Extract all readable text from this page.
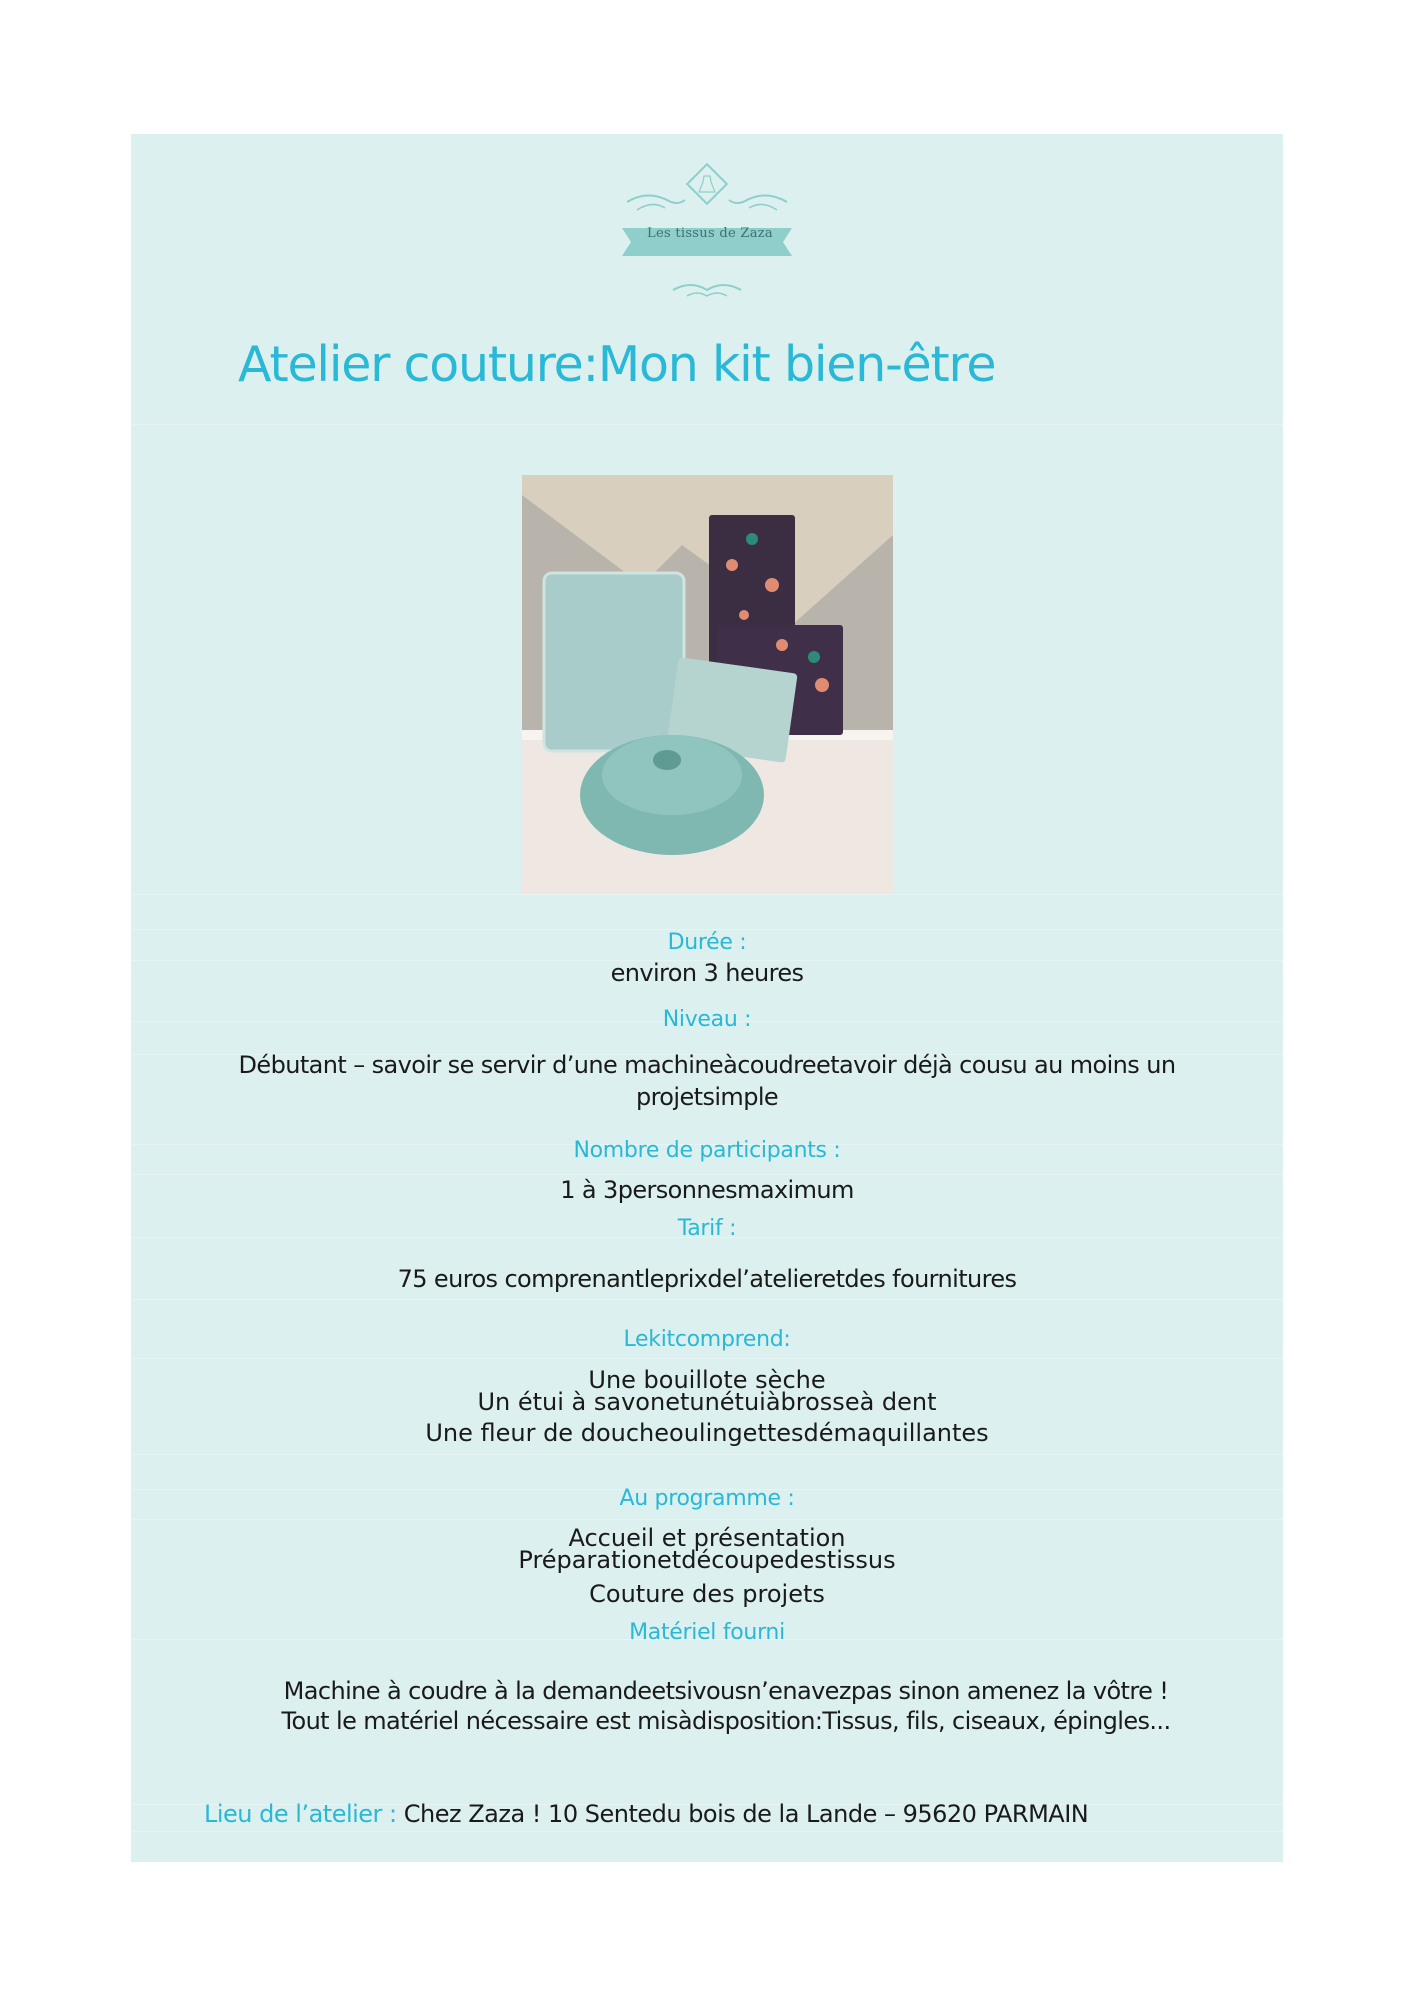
Les tissus de Zaza
Atelier couture:Mon kit bien-être
Durée :
environ 3 heures
Niveau :
Débutant – savoir se servir d’une machineàcoudreetavoir déjà cousu au moins un
projetsimple
Nombre de participants :
1 à 3personnesmaximum
Tarif :
75 euros comprenantleprixdel’atelieretdes fournitures
Lekitcomprend:
Une bouillote sèche
Un étui à savonetunétuiàbrosseà dent
Une fleur de doucheoulingettesdémaquillantes
Au programme :
Accueil et présentation
Préparationetdécoupedestissus
Couture des projets
Matériel fourni
Machine à coudre à la demandeetsivousn’enavezpas sinon amenez la vôtre !
Tout le matériel nécessaire est misàdisposition:Tissus, fils, ciseaux, épingles...
Lieu de l’atelier : Chez Zaza ! 10 Sentedu bois de la Lande – 95620 PARMAIN
